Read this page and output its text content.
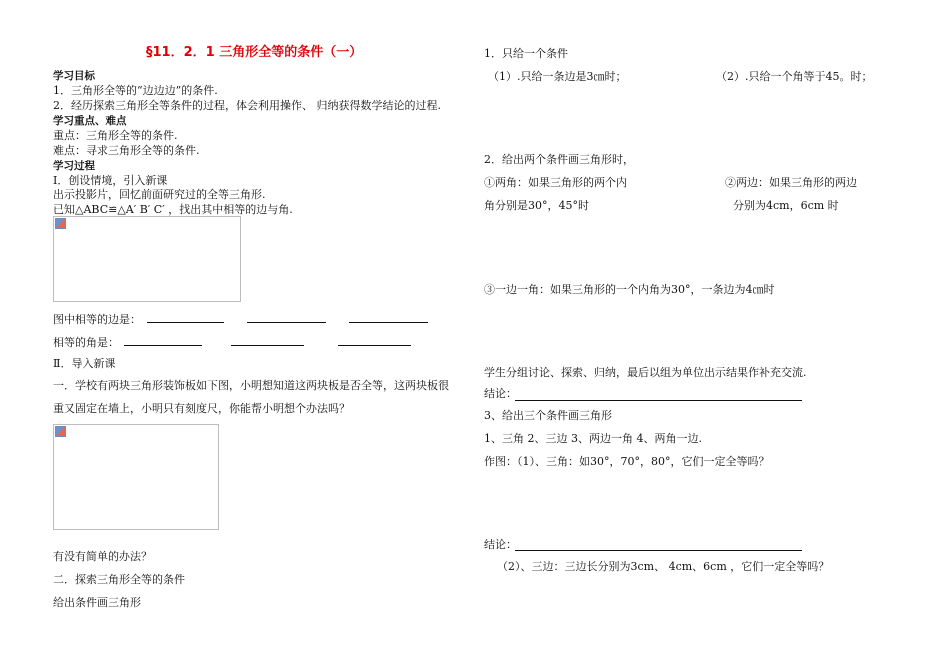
§11．2．1 三角形全等的条件（一）
学习目标
1．三角形全等的“边边边”的条件.
2．经历探索三角形全等条件的过程，体会利用操作、 归纳获得数学结论的过程.
学习重点、难点
重点：三角形全等的条件.
难点：寻求三角形全等的条件.
学习过程
Ⅰ．创设情境，引入新课
出示投影片，回忆前面研究过的全等三角形.
已知△ABC≌△A′ B′ C′ ，找出其中相等的边与角.
图中相等的边是：
相等的角是：
Ⅱ．导入新课
一．学校有两块三角形装饰板如下图，小明想知道这两块板是否全等，这两块板很
重又固定在墙上，小明只有刻度尺，你能帮小明想个办法吗？
有没有简单的办法？
二．探索三角形全等的条件
给出条件画三角形
1．只给一个条件
（1）.只给一条边是3㎝时；	（2）.只给一个角等于45。时；
2．给出两个条件画三角形时，
①两角：如果三角形的两个内
角分别是30°，45°时
②两边：如果三角形的两边
分别为4cm，6cm 时
③一边一角：如果三角形的一个内角为30°，一条边为4㎝时
学生分组讨论、探索、归纳，最后以组为单位出示结果作补充交流.
结论：
3、给出三个条件画三角形
1、三角 2、三边 3、两边一角 4、两角一边.
作图：（1）、三角：如30°，70°，80°，它们一定全等吗？
结论：
（2）、三边：三边长分别为3cm、 4cm、6cm ，它们一定全等吗？
